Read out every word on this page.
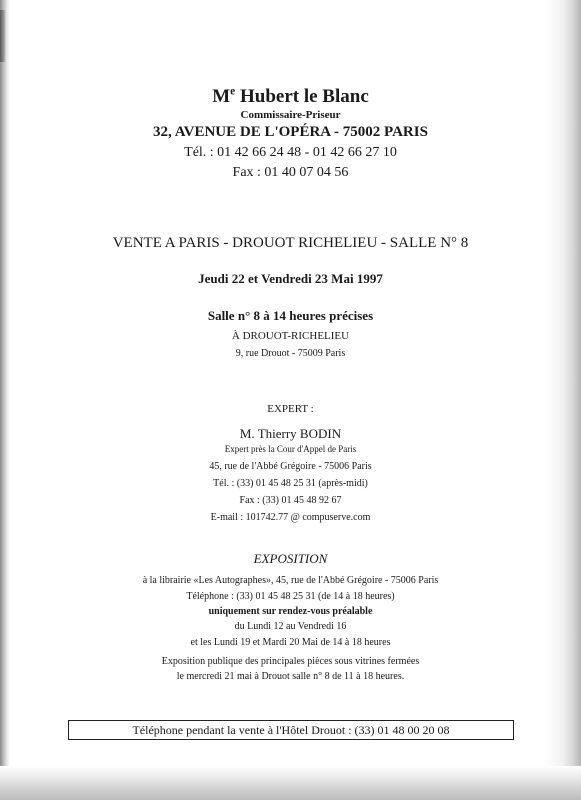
Me Hubert le Blanc
Commissaire-Priseur
32, AVENUE DE L'OPÉRA - 75002 PARIS
Tél. : 01 42 66 24 48 - 01 42 66 27 10
Fax : 01 40 07 04 56
VENTE A PARIS - DROUOT RICHELIEU - SALLE N° 8
Jeudi 22 et Vendredi 23 Mai 1997
Salle n° 8 à 14 heures précises
À DROUOT-RICHELIEU
9, rue Drouot - 75009 Paris
EXPERT :
M. Thierry BODIN
Expert près la Cour d'Appel de Paris
45, rue de l'Abbé Grégoire - 75006 Paris
Tél. : (33) 01 45 48 25 31 (après-midi)
Fax : (33) 01 45 48 92 67
E-mail : 101742.77 @ compuserve.com
EXPOSITION
à la librairie «Les Autographes», 45, rue de l'Abbé Grégoire - 75006 Paris
Téléphone : (33) 01 45 48 25 31 (de 14 à 18 heures)
uniquement sur rendez-vous préalable
du Lundi 12 au Vendredi 16
et les Lundi 19 et Mardi 20 Mai de 14 à 18 heures
Exposition publique des principales pièces sous vitrines fermées
le mercredi 21 mai à Drouot salle n° 8 de 11 à 18 heures.
Téléphone pendant la vente à l'Hôtel Drouot : (33) 01 48 00 20 08
